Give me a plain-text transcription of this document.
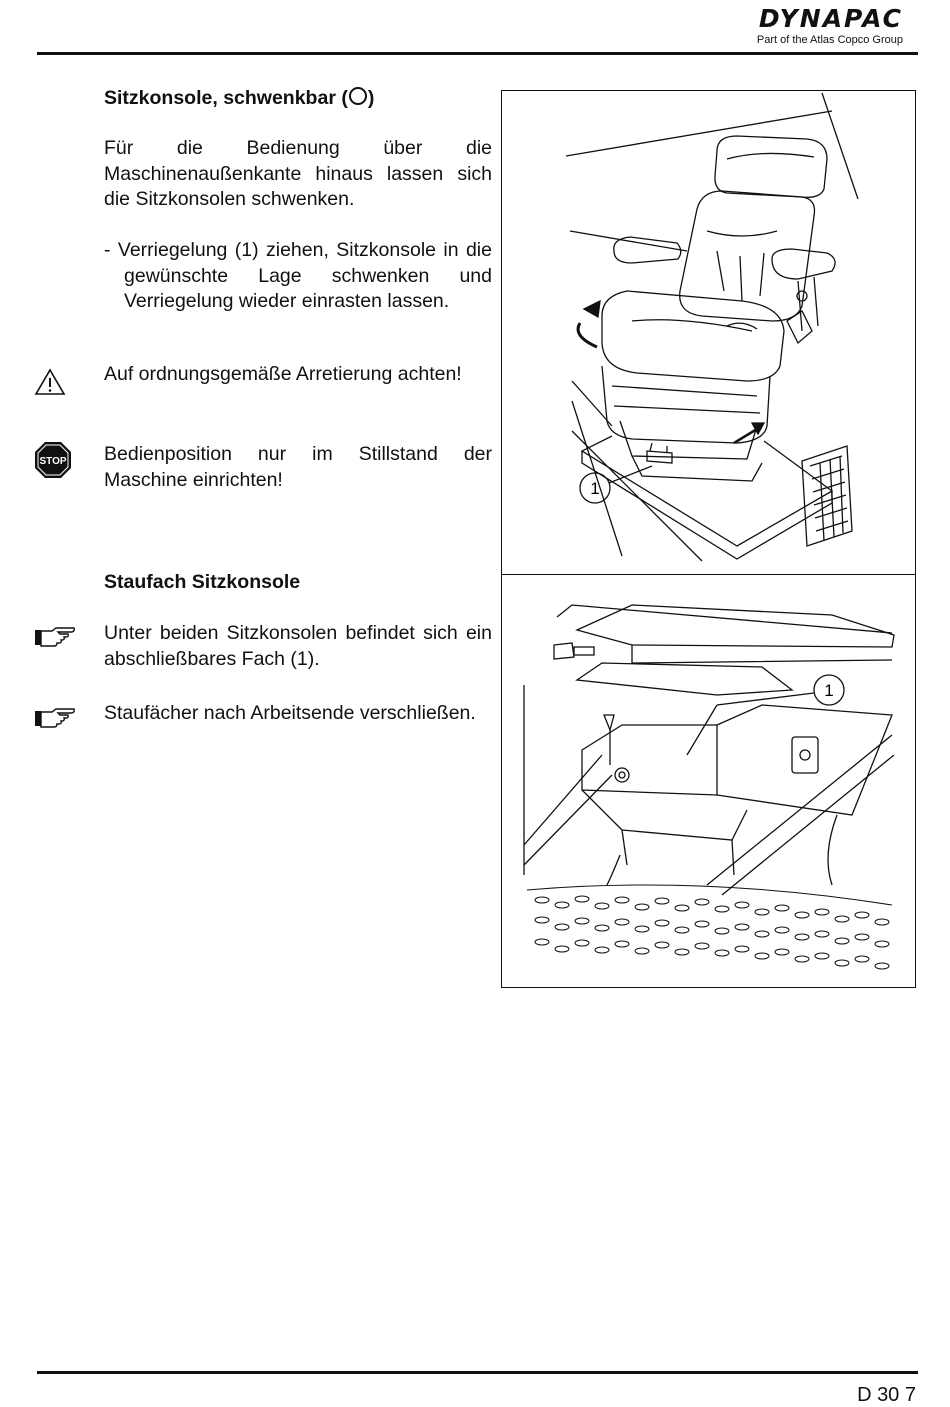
DYNAPAC
Part of the Atlas Copco Group

Sitzkonsole, schwenkbar ( )

Für die Bedienung über die Maschinenaußenkante hinaus lassen sich die Sitzkonsolen schwenken.

- Verriegelung (1) ziehen, Sitzkonsole in die gewünschte Lage schwenken und Verriegelung wieder einrasten lassen.

Auf ordnungsgemäße Arretierung achten!

Bedienposition nur im Stillstand der Maschine einrichten!

STOP

Staufach Sitzkonsole

Unter beiden Sitzkonsolen befindet sich ein abschließbares Fach (1).

Staufächer nach Arbeitsende verschließen.

1
1
D 30 7
